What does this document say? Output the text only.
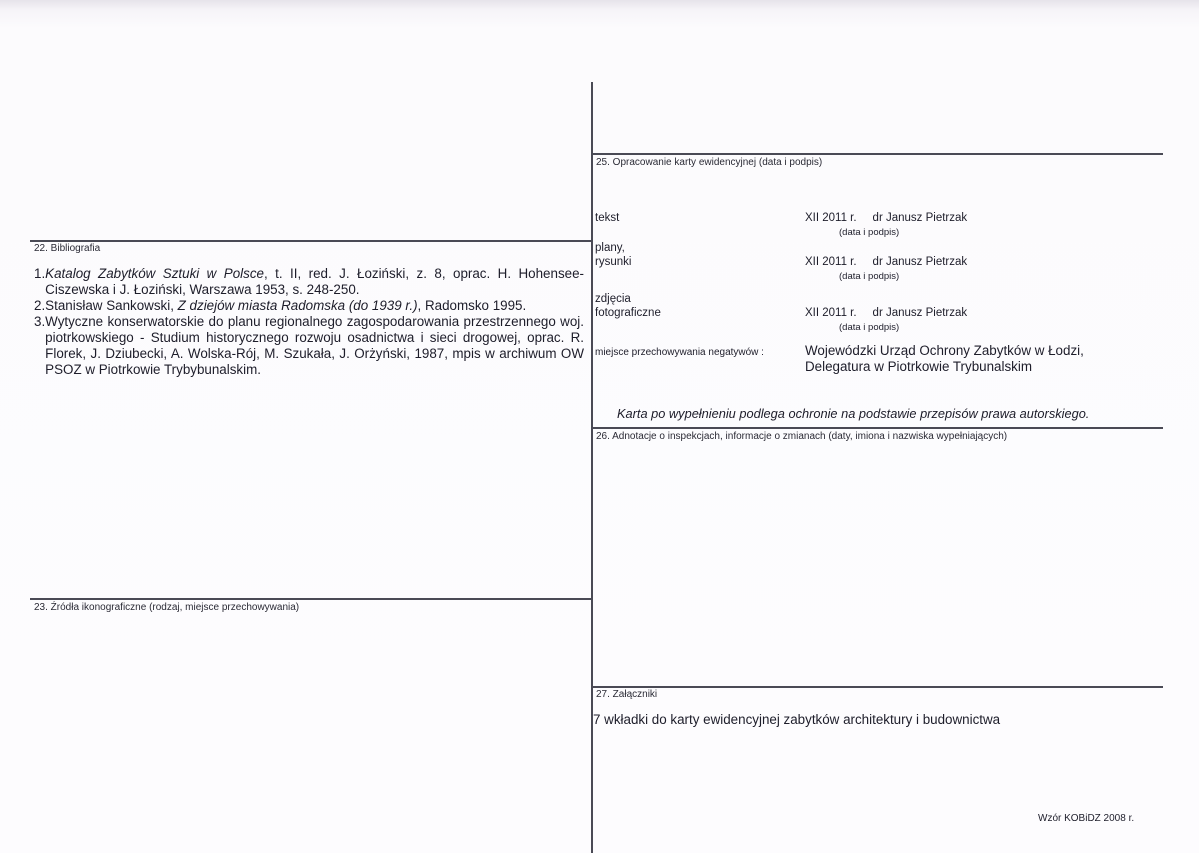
22. Bibliografia
1. Katalog Zabytków Sztuki w Polsce, t. II, red. J. Łoziński, z. 8, oprac. H. Hohensee-Ciszewska i J. Łoziński, Warszawa 1953, s. 248-250.
2. Stanisław Sankowski, Z dziejów miasta Radomska (do 1939 r.), Radomsko 1995.
3. Wytyczne konserwatorskie do planu regionalnego zagospodarowania przestrzennego woj. piotrkowskiego - Studium historycznego rozwoju osadnictwa i sieci drogowej, oprac. R. Florek, J. Dziubecki, A. Wolska-Rój, M. Szukała, J. Orżyński, 1987, mpis w archiwum OW PSOZ w Piotrkowie Trybybunalskim.
23. Źródła ikonograficzne (rodzaj, miejsce przechowywania)
25. Opracowanie karty ewidencyjnej (data i podpis)
tekst	XII 2011 r.     dr Janusz Pietrzak
(data i podpis)
plany,
rysunki	XII 2011 r.     dr Janusz Pietrzak
(data i podpis)
zdjęcia
fotograficzne	XII 2011 r.     dr Janusz Pietrzak
(data i podpis)
miejsce przechowywania negatywów :	Wojewódzki Urząd Ochrony Zabytków w Łodzi,
Delegatura w Piotrkowie Trybunalskim
Karta po wypełnieniu podlega ochronie na podstawie przepisów prawa autorskiego.
26. Adnotacje o inspekcjach, informacje o zmianach (daty, imiona i nazwiska wypełniających)
27. Załączniki
7 wkładki do karty ewidencyjnej zabytków architektury i budownictwa
Wzór KOBiDZ 2008 r.
